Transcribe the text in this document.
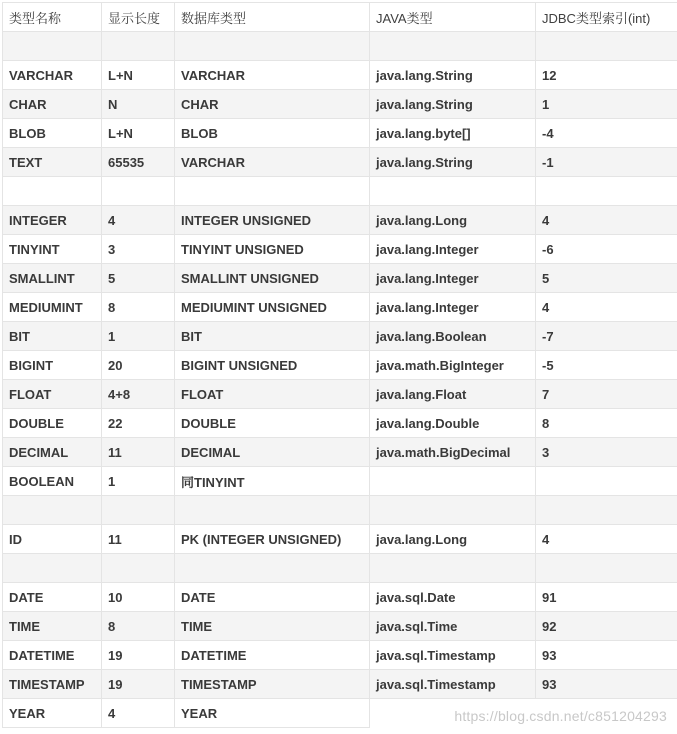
类型名称	显示长度	数据库类型	JAVA类型	JDBC类型索引(int)

VARCHAR	L+N	VARCHAR	java.lang.String	12
CHAR	N	CHAR	java.lang.String	1
BLOB	L+N	BLOB	java.lang.byte[]	-4
TEXT	65535	VARCHAR	java.lang.String	-1

INTEGER	4	INTEGER UNSIGNED	java.lang.Long	4
TINYINT	3	TINYINT UNSIGNED	java.lang.Integer	-6
SMALLINT	5	SMALLINT UNSIGNED	java.lang.Integer	5
MEDIUMINT	8	MEDIUMINT UNSIGNED	java.lang.Integer	4
BIT	1	BIT	java.lang.Boolean	-7
BIGINT	20	BIGINT UNSIGNED	java.math.BigInteger	-5
FLOAT	4+8	FLOAT	java.lang.Float	7
DOUBLE	22	DOUBLE	java.lang.Double	8
DECIMAL	11	DECIMAL	java.math.BigDecimal	3
BOOLEAN	1	同TINYINT		

ID	11	PK (INTEGER UNSIGNED)	java.lang.Long	4

DATE	10	DATE	java.sql.Date	91
TIME	8	TIME	java.sql.Time	92
DATETIME	19	DATETIME	java.sql.Timestamp	93
TIMESTAMP	19	TIMESTAMP	java.sql.Timestamp	93
YEAR	4	YEAR			https://blog.csdn.net/c851204293
